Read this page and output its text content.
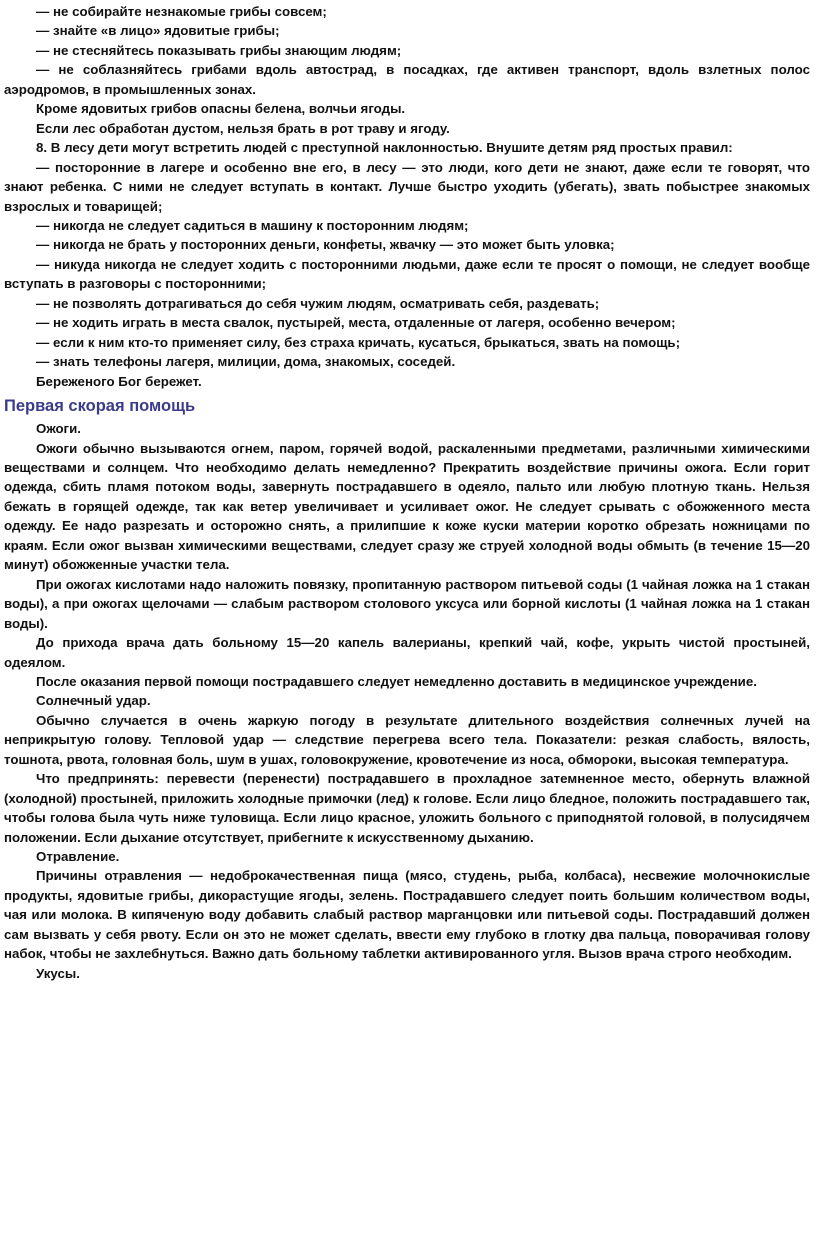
— не собирайте незнакомые грибы совсем;

— знайте «в лицо» ядовитые грибы;

— не стесняйтесь показывать грибы знающим людям;

— не соблазняйтесь грибами вдоль автострад, в посадках, где активен транспорт, вдоль взлетных полос аэродромов, в промышленных зонах.

Кроме ядовитых грибов опасны белена, волчьи ягоды.

Если лес обработан дустом, нельзя брать в рот траву и ягоду.

8. В лесу дети могут встретить людей с преступной наклонностью. Внушите детям ряд простых правил:

— посторонние в лагере и особенно вне его, в лесу — это люди, кого дети не знают, даже если те говорят, что знают ребенка. С ними не следует вступать в контакт. Лучше быстро уходить (убегать), звать побыстрее знакомых взрослых и товарищей;

— никогда не следует садиться в машину к посторонним людям;

— никогда не брать у посторонних деньги, конфеты, жвачку — это может быть уловка;

— никуда никогда не следует ходить с посторонними людьми, даже если те просят о помощи, не следует вообще вступать в разговоры с посторонними;

— не позволять дотрагиваться до себя чужим людям, осматривать себя, раздевать;

— не ходить играть в места свалок, пустырей, места, отдаленные от лагеря, особенно вечером;

— если к ним кто-то применяет силу, без страха кричать, кусаться, брыкаться, звать на помощь;

— знать телефоны лагеря, милиции, дома, знакомых, соседей.

Береженого Бог бережет.

Первая скорая помощь

Ожоги.

Ожоги обычно вызываются огнем, паром, горячей водой, раскаленными предметами, различными химическими веществами и солнцем. Что необходимо делать немедленно? Прекратить воздействие причины ожога. Если горит одежда, сбить пламя потоком воды, завернуть пострадавшего в одеяло, пальто или любую плотную ткань. Нельзя бежать в горящей одежде, так как ветер увеличивает и усиливает ожог. Не следует срывать с обожженного места одежду. Ее надо разрезать и осторожно снять, а прилипшие к коже куски материи коротко обрезать ножницами по краям. Если ожог вызван химическими веществами, следует сразу же струей холодной воды обмыть (в течение 15—20 минут) обожженные участки тела.

При ожогах кислотами надо наложить повязку, пропитанную раствором питьевой соды (1 чайная ложка на 1 стакан воды), а при ожогах щелочами — слабым раствором столового уксуса или борной кислоты (1 чайная ложка на 1 стакан воды).

До прихода врача дать больному 15—20 капель валерианы, крепкий чай, кофе, укрыть чистой простыней, одеялом.

После оказания первой помощи пострадавшего следует немедленно доставить в медицинское учреждение.

Солнечный удар.

Обычно случается в очень жаркую погоду в результате длительного воздействия солнечных лучей на неприкрытую голову. Тепловой удар — следствие перегрева всего тела. Показатели: резкая слабость, вялость, тошнота, рвота, головная боль, шум в ушах, головокружение, кровотечение из носа, обмороки, высокая температура.

Что предпринять: перевести (перенести) пострадавшего в прохладное затемненное место, обернуть влажной (холодной) простыней, приложить холодные примочки (лед) к голове. Если лицо бледное, положить пострадавшего так, чтобы голова была чуть ниже туловища. Если лицо красное, уложить больного с приподнятой головой, в полусидячем положении. Если дыхание отсутствует, прибегните к искусственному дыханию.

Отравление.

Причины отравления — недоброкачественная пища (мясо, студень, рыба, колбаса), несвежие молочнокислые продукты, ядовитые грибы, дикорастущие ягоды, зелень. Пострадавшего следует поить большим количеством воды, чая или молока. В кипяченую воду добавить слабый раствор марганцовки или питьевой соды. Пострадавший должен сам вызвать у себя рвоту. Если он это не может сделать, ввести ему глубоко в глотку два пальца, поворачивая голову набок, чтобы не захлебнуться. Важно дать больному таблетки активированного угля. Вызов врача строго необходим.

Укусы.
